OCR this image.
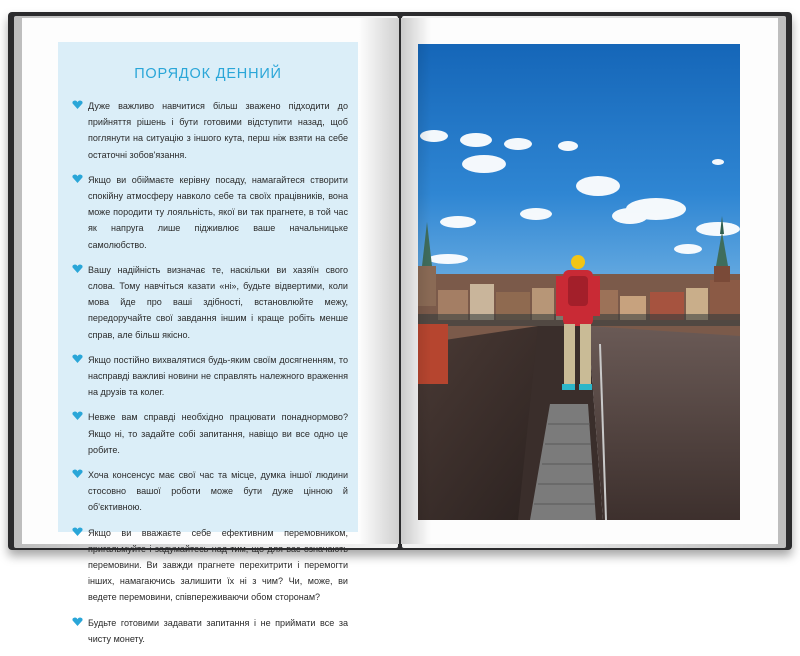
ПОРЯДОК ДЕННИЙ
Дуже важливо навчитися більш зважено підходити до прийняття рішень і бути готовими відступити назад, щоб поглянути на ситуацію з іншого кута, перш ніж взяти на себе остаточні зобов'язання.
Якщо ви обіймаєте керівну посаду, намагайтеся створити спокійну атмосферу навколо себе та своїх працівників, вона може породити ту лояльність, якої ви так прагнете, в той час як напруга лише підживлює ваше начальницьке самолюбство.
Вашу надійність визначає те, наскільки ви хазяїн свого слова. Тому навчіться казати «ні», будьте відвертими, коли мова йде про ваші здібності, встановлюйте межу, передоручайте свої завдання іншим і краще робіть менше справ, але більш якісно.
Якщо постійно вихвалятися будь-яким своїм досягненням, то насправді важливі новини не справлять належного враження на друзів та колег.
Невже вам справді необхідно працювати понаднормово? Якщо ні, то задайте собі запитання, навіщо ви все одно це робите.
Хоча консенсус має свої час та місце, думка іншої людини стосовно вашої роботи може бути дуже цінною й об'єктивною.
Якщо ви вважаєте себе ефективним перемовником, пригальмуйте і задумайтесь над тим, що для вас означають перемовини. Ви завжди прагнете перехитрити і перемогти інших, намагаючись залишити їх ні з чим? Чи, може, ви ведете перемовини, співпереживаючи обом сторонам?
Будьте готовими задавати запитання і не приймати все за чисту монету.
